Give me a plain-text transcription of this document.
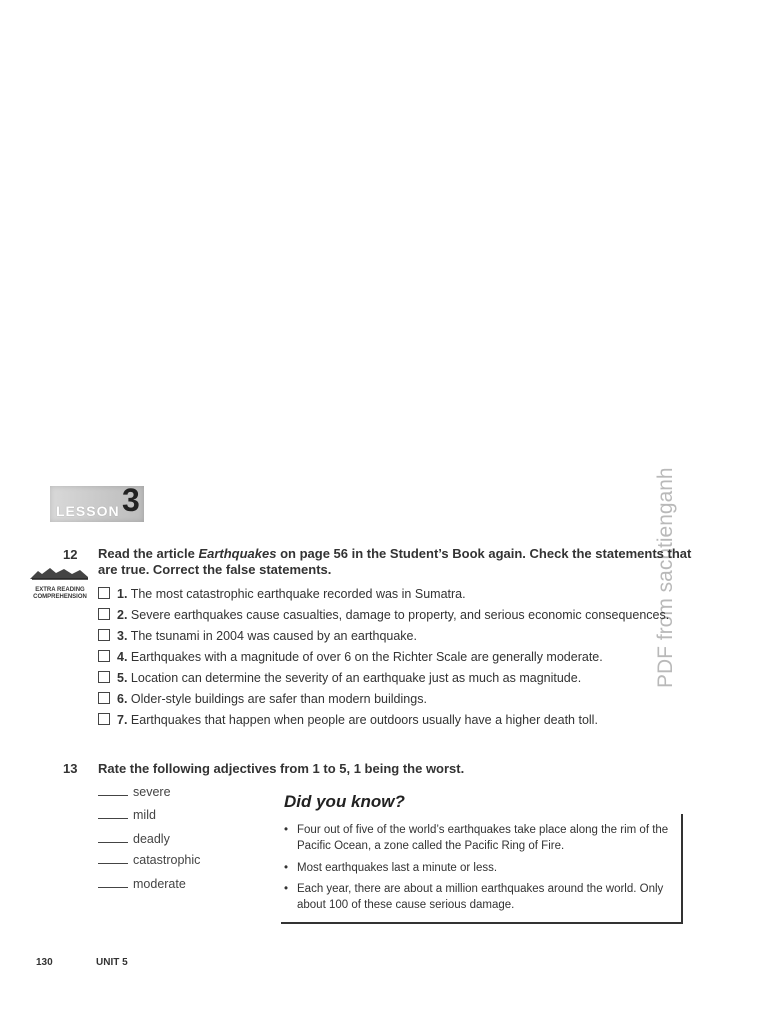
LESSON 3	PDF from sachtienganh
12 Read the article Earthquakes on page 56 in the Student’s Book again. Check the statements that
are true. Correct the false statements.
EXTRA READING
COMPREHENSION	1. The most catastrophic earthquake recorded was in Sumatra.
2. Severe earthquakes cause casualties, damage to property, and serious economic consequences.
3. The tsunami in 2004 was caused by an earthquake.
4. Earthquakes with a magnitude of over 6 on the Richter Scale are generally moderate.
5. Location can determine the severity of an earthquake just as much as magnitude.
6. Older-style buildings are safer than modern buildings.
7. Earthquakes that happen when people are outdoors usually have a higher death toll.
13 Rate the following adjectives from 1 to 5, 1 being the worst.
severe
mild
deadly
catastrophic
moderate
Did you know?
• Four out of five of the world’s earthquakes take place along the rim of the Pacific Ocean, a zone called the Pacific Ring of Fire.
• Most earthquakes last a minute or less.
• Each year, there are about a million earthquakes around the world. Only about 100 of these cause serious damage.
130	UNIT 5
